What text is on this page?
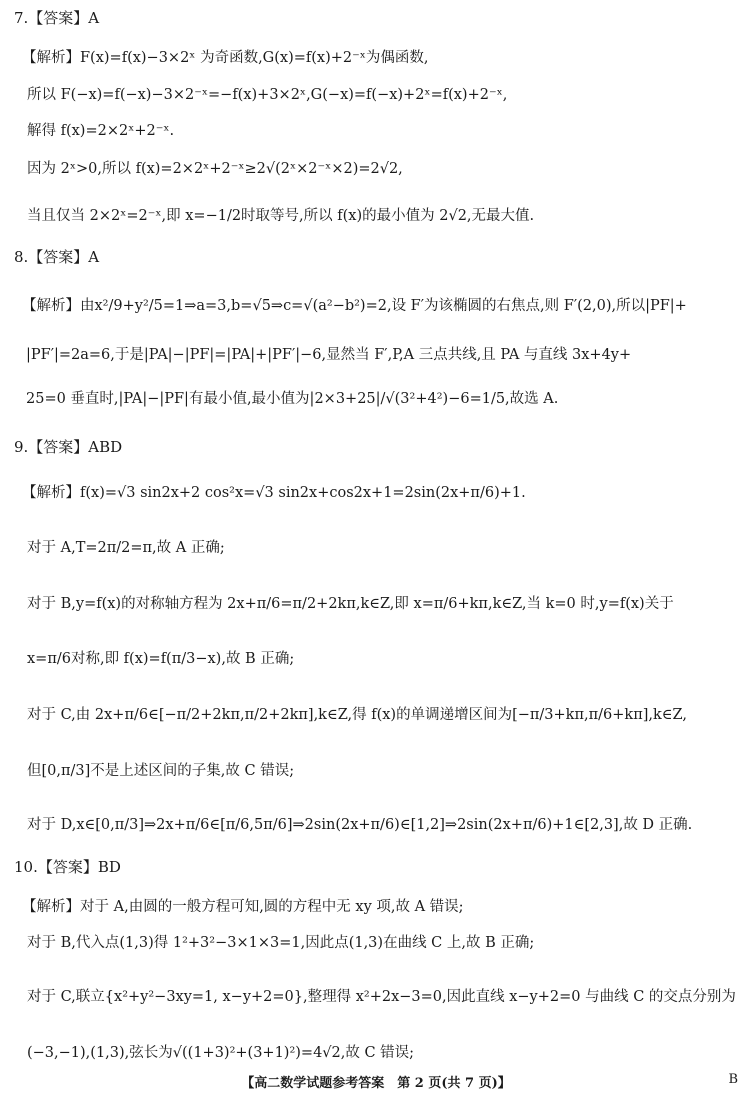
7.【答案】A
【解析】F(x)=f(x)−3×2ˣ 为奇函数,G(x)=f(x)+2⁻ˣ为偶函数,
所以 F(−x)=f(−x)−3×2⁻ˣ=−f(x)+3×2ˣ,G(−x)=f(−x)+2ˣ=f(x)+2⁻ˣ,
解得 f(x)=2×2ˣ+2⁻ˣ.
因为 2ˣ>0,所以 f(x)=2×2ˣ+2⁻ˣ≥2√(2ˣ×2⁻ˣ×2)=2√2,
当且仅当 2×2ˣ=2⁻ˣ,即 x=−1/2时取等号,所以 f(x)的最小值为 2√2,无最大值.
8.【答案】A
【解析】由x²/9+y²/5=1⇒a=3,b=√5⇒c=√(a²−b²)=2,设 F′为该椭圆的右焦点,则 F′(2,0),所以|PF|+
|PF′|=2a=6,于是|PA|−|PF|=|PA|+|PF′|−6,显然当 F′,P,A 三点共线,且 PA 与直线 3x+4y+
25=0 垂直时,|PA|−|PF|有最小值,最小值为|2×3+25|/√(3²+4²)−6=1/5,故选 A.
9.【答案】ABD
【解析】f(x)=√3 sin2x+2 cos²x=√3 sin2x+cos2x+1=2sin(2x+π/6)+1.
对于 A,T=2π/2=π,故 A 正确;
对于 B,y=f(x)的对称轴方程为 2x+π/6=π/2+2kπ,k∈Z,即 x=π/6+kπ,k∈Z,当 k=0 时,y=f(x)关于
x=π/6对称,即 f(x)=f(π/3−x),故 B 正确;
对于 C,由 2x+π/6∈[−π/2+2kπ,π/2+2kπ],k∈Z,得 f(x)的单调递增区间为[−π/3+kπ,π/6+kπ],k∈Z,
但[0,π/3]不是上述区间的子集,故 C 错误;
对于 D,x∈[0,π/3]⇒2x+π/6∈[π/6,5π/6]⇒2sin(2x+π/6)∈[1,2]⇒2sin(2x+π/6)+1∈[2,3],故 D 正确.
10.【答案】BD
【解析】对于 A,由圆的一般方程可知,圆的方程中无 xy 项,故 A 错误;
对于 B,代入点(1,3)得 1²+3²−3×1×3=1,因此点(1,3)在曲线 C 上,故 B 正确;
对于 C,联立{x²+y²−3xy=1, x−y+2=0},整理得 x²+2x−3=0,因此直线 x−y+2=0 与曲线 C 的交点分别为
(−3,−1),(1,3),弦长为√((1+3)²+(3+1)²)=4√2,故 C 错误;
【高二数学试题参考答案　第 2 页(共 7 页)】	B
